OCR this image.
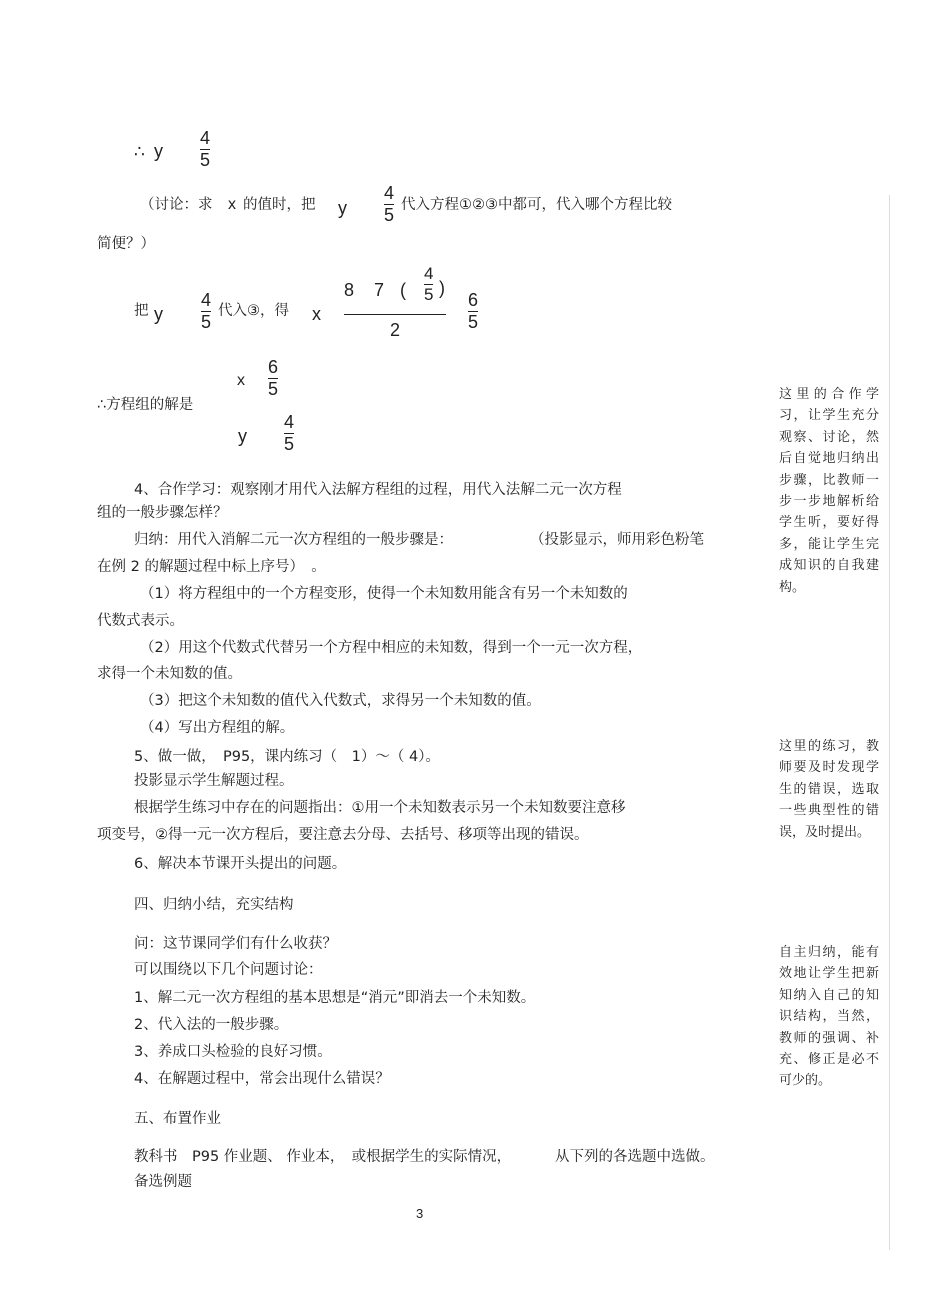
∴ y
4
5
（讨论：求 x 的值时，把 y
4
5 代入方程①②③中都可，代入哪个方程比较
简便？）
把 y
4
5
代入③，得 x
8 7 (
4
5 )
2
6
5
∴方程组的解是
x
6
5
y
4
5
4、合作学习：观察刚才用代入法解方程组的过程，用代入法解二元一次方程
组的一般步骤怎样？
归纳：用代入消解二元一次方程组的一般步骤是：	（投影显示，师用彩色粉笔
在例 2 的解题过程中标上序号）　。
（1）将方程组中的一个方程变形，使得一个未知数用能含有另一个未知数的
代数式表示。
（2）用这个代数式代替另一个方程中相应的未知数，得到一个一元一次方程，
求得一个未知数的值。
（3）把这个未知数的值代入代数式，求得另一个未知数的值。
（4）写出方程组的解。
5、做一做，　P95，课内练习（　1）～（ 4）。
投影显示学生解题过程。
根据学生练习中存在的问题指出：①用一个未知数表示另一个未知数要注意移
项变号，②得一元一次方程后，要注意去分母、去括号、移项等出现的错误。
6、解决本节课开头提出的问题。
四、归纳小结，充实结构
问：这节课同学们有什么收获？
可以围绕以下几个问题讨论：
1、解二元一次方程组的基本思想是“消元”即消去一个未知数。
2、代入法的一般步骤。
3、养成口头检验的良好习惯。
4、在解题过程中，常会出现什么错误？
五、布置作业
教科书　P95 作业题、 作业本，　或根据学生的实际情况，	从下列的各选题中选做。
备选例题
这里的合作学习，让学生充分观察、讨论，然后自觉地归纳出步骤，比教师一步一步地解析给学生听，要好得多，能让学生完成知识的自我建构。
这里的练习，教师要及时发现学生的错误，选取一些典型性的错误，及时提出。
自主归纳，能有效地让学生把新知纳入自己的知识结构，当然，教师的强调、补充、修正是必不可少的。
3
